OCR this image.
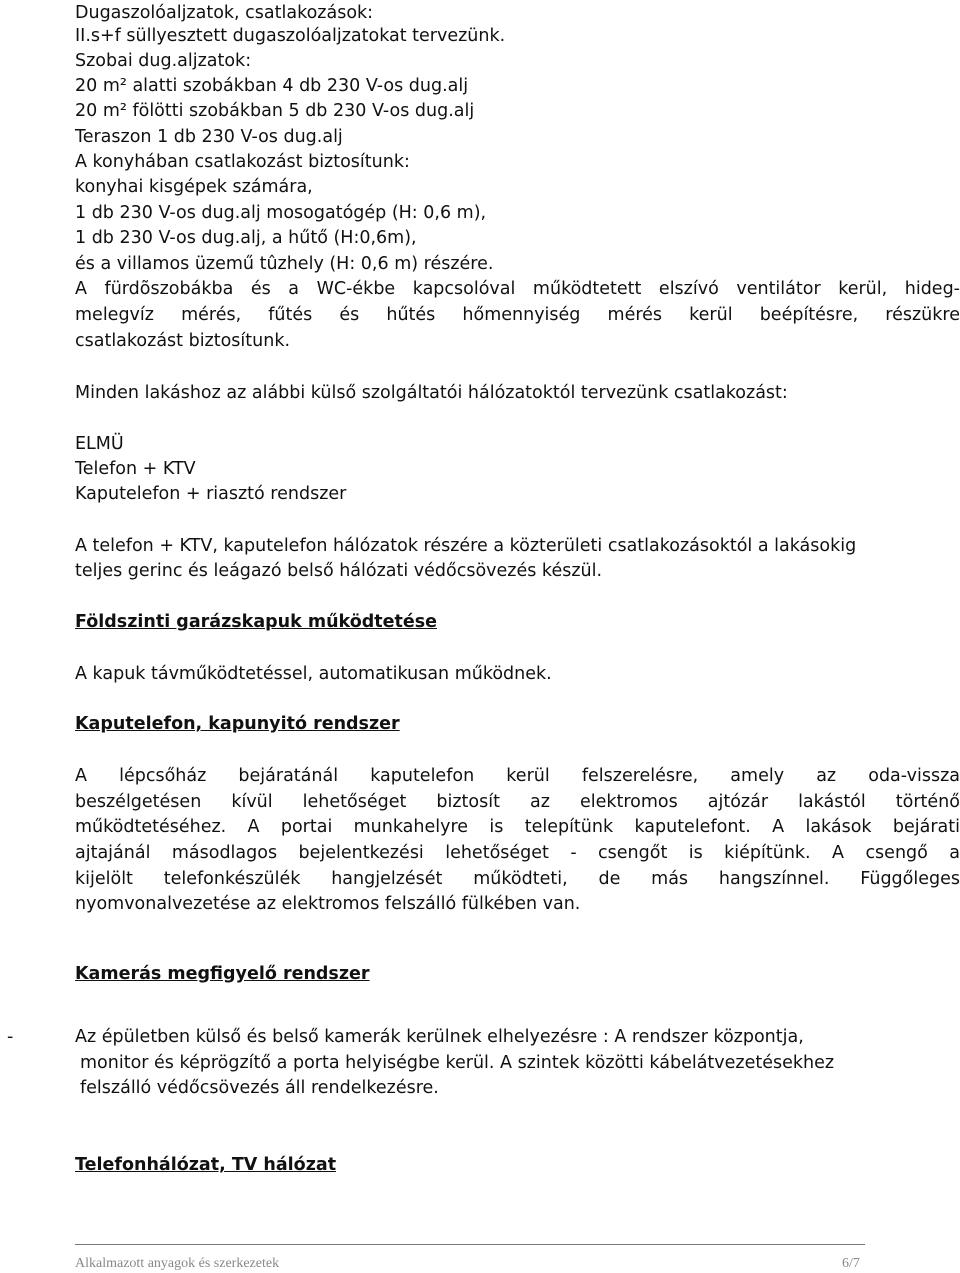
Dugaszolóaljzatok, csatlakozások:
II.s+f süllyesztett dugaszolóaljzatokat tervezünk.
Szobai dug.aljzatok:
20 m² alatti szobákban 4 db 230 V-os dug.alj
20 m² fölötti szobákban 5 db 230 V-os dug.alj
Teraszon 1 db 230 V-os dug.alj
A konyhában csatlakozást biztosítunk:
konyhai kisgépek számára,
1 db 230 V-os dug.alj mosogatógép (H: 0,6 m),
1 db 230 V-os dug.alj, a hűtő (H:0,6m),
és a villamos üzemű tûzhely (H: 0,6 m) részére.
A fürdõszobákba és a WC-ékbe kapcsolóval működtetett elszívó ventilátor kerül, hideg-
melegvíz mérés, fűtés és hűtés hőmennyiség mérés kerül beépítésre, részükre
csatlakozást biztosítunk.
Minden lakáshoz az alábbi külső szolgáltatói hálózatoktól tervezünk csatlakozást:
ELMÜ
Telefon + KTV
Kaputelefon + riasztó rendszer
A telefon + KTV, kaputelefon hálózatok részére a közterületi csatlakozásoktól a lakásokig
teljes gerinc és leágazó belső hálózati védőcsövezés készül.
Földszinti garázskapuk működtetése
A kapuk távműködtetéssel, automatikusan működnek.
Kaputelefon, kapunyitó rendszer
A lépcsőház bejáratánál kaputelefon kerül felszerelésre, amely az oda-vissza
beszélgetésen kívül lehetőséget biztosít az elektromos ajtózár lakástól történő
működtetéséhez. A portai munkahelyre is telepítünk kaputelefont. A lakások bejárati
ajtajánál másodlagos bejelentkezési lehetőséget - csengőt is kiépítünk. A csengő a
kijelölt telefonkészülék hangjelzését működteti, de más hangszínnel. Függőleges
nyomvonalvezetése az elektromos felszálló fülkében van.
Kamerás megfigyelő rendszer
-	Az épületben külső és belső kamerák kerülnek elhelyezésre : A rendszer központja,
monitor és képrögzítő a porta helyiségbe kerül. A szintek közötti kábelátvezetésekhez
felszálló védőcsövezés áll rendelkezésre.
Telefonhálózat, TV hálózat
Alkalmazott anyagok és szerkezetek	6/7
